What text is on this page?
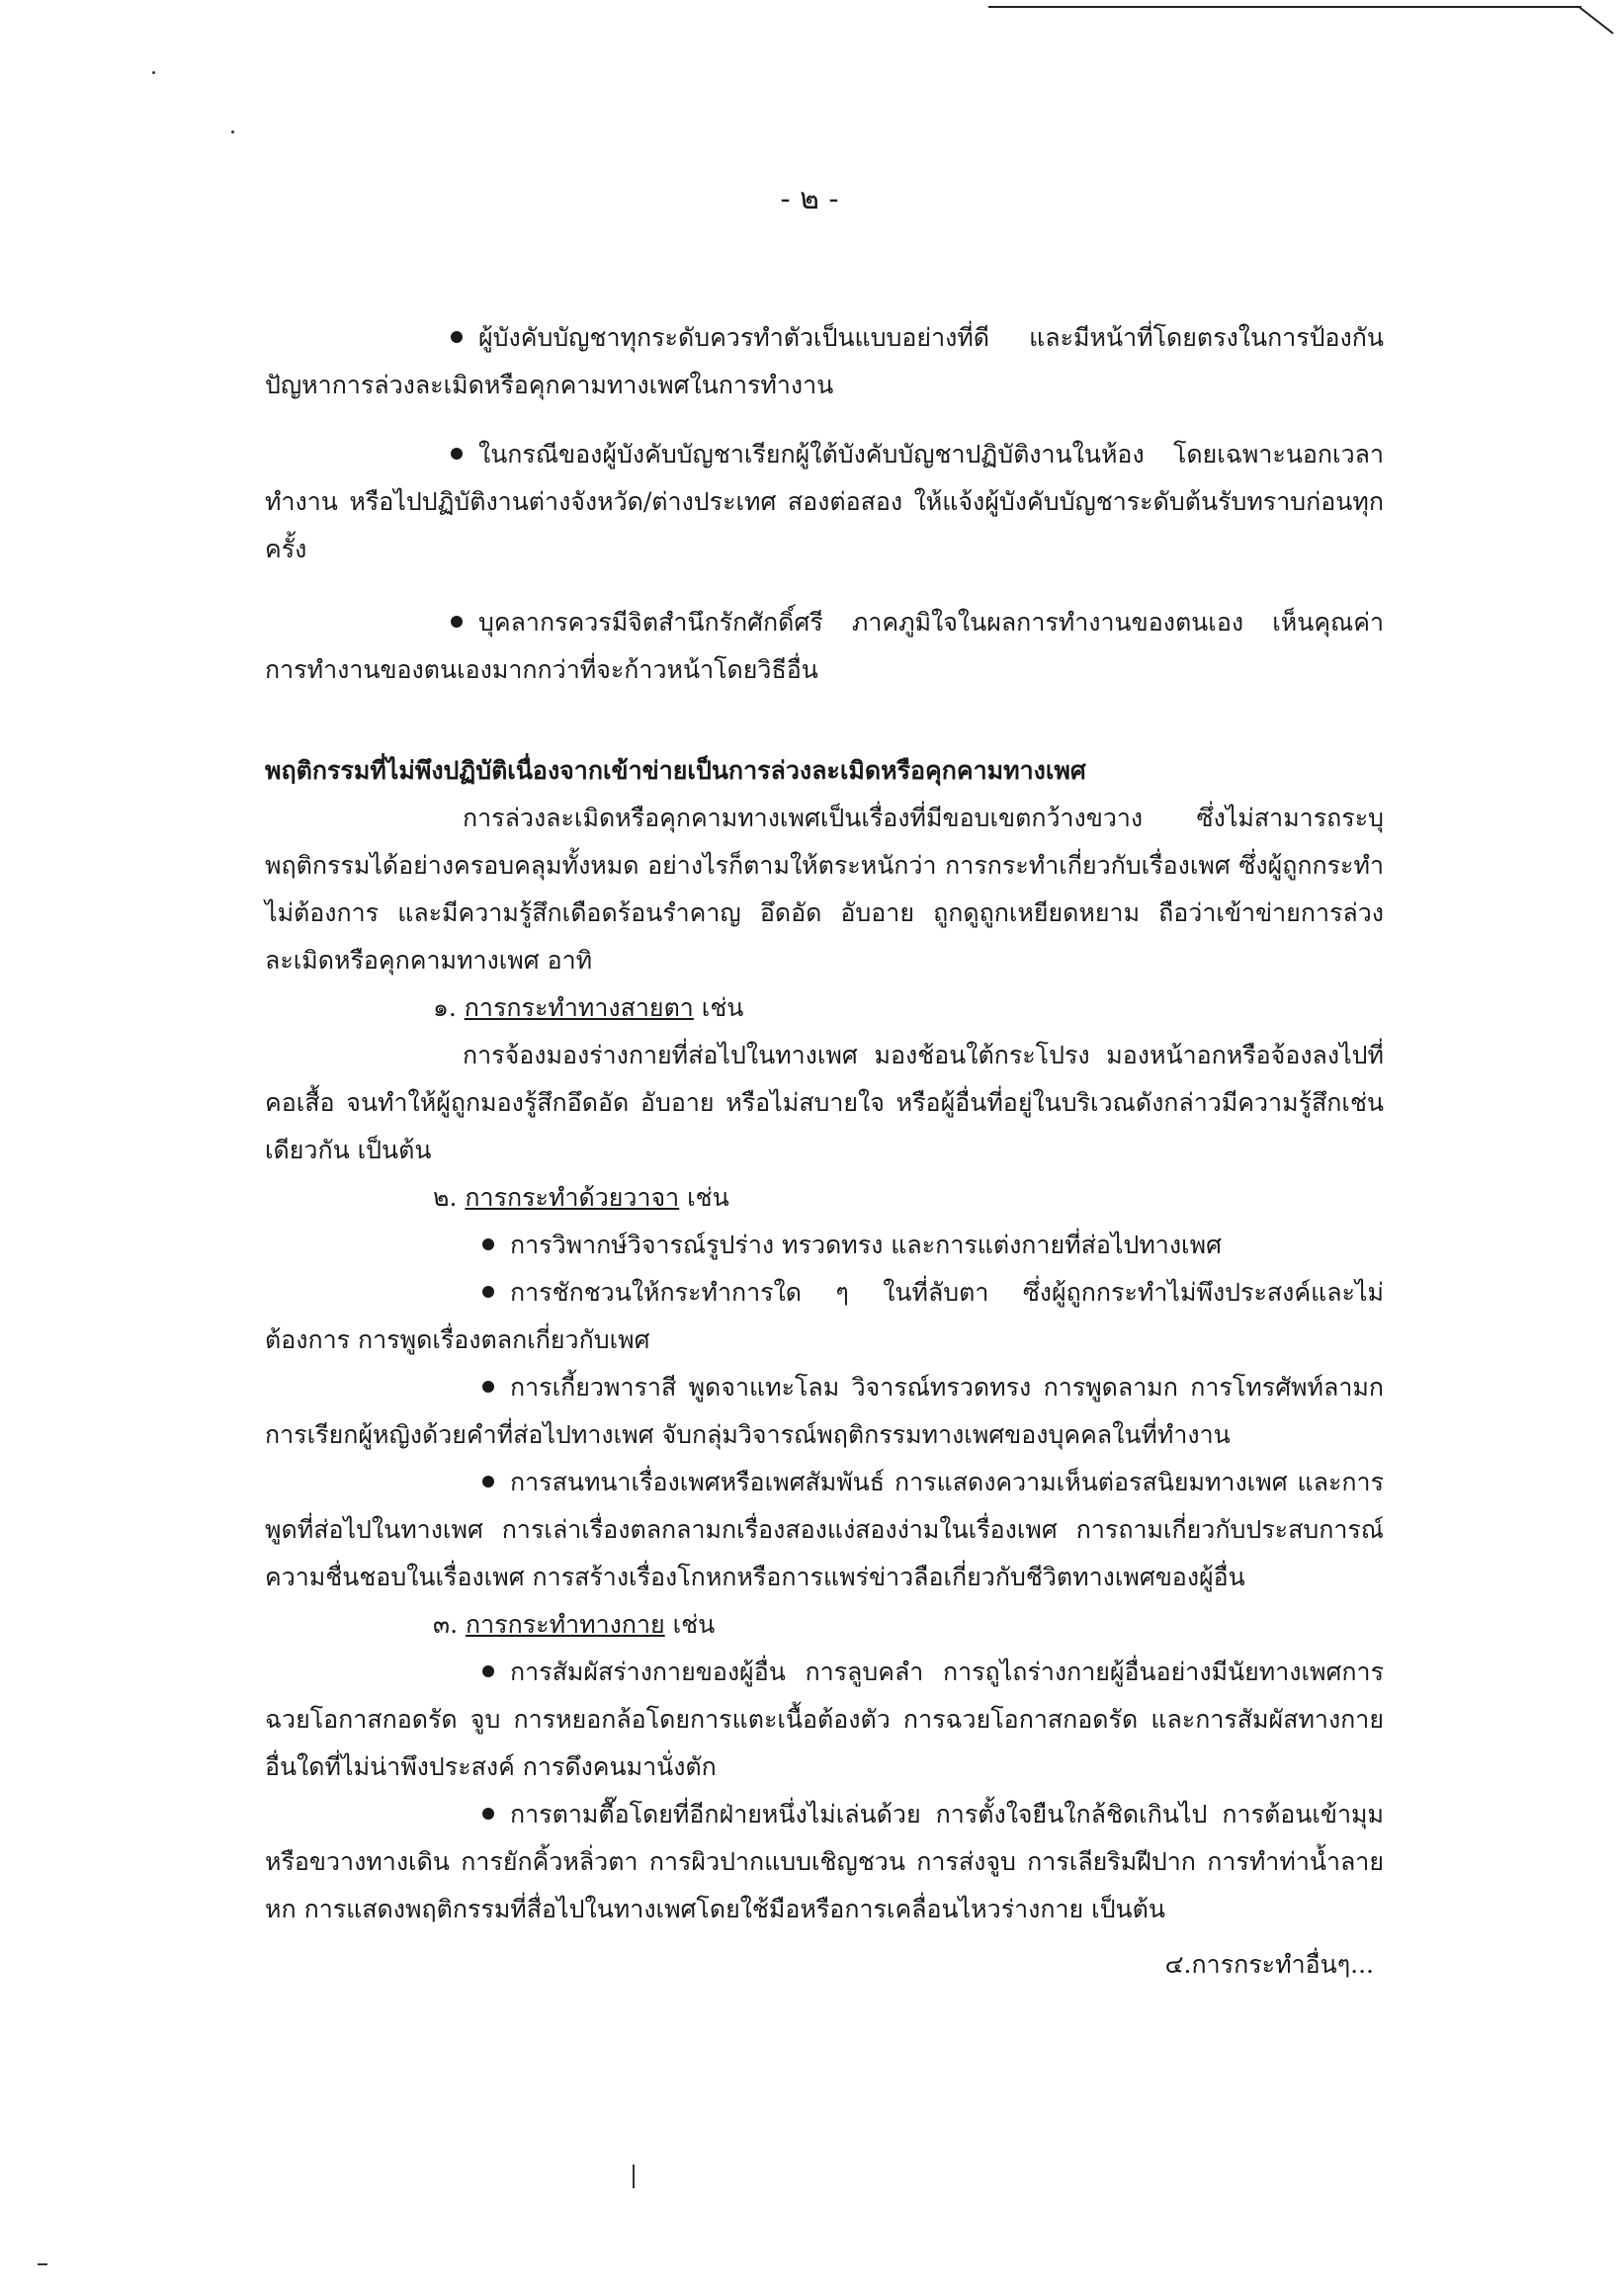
- ๒ -

ผู้บังคับบัญชาทุกระดับควรทำตัวเป็นแบบอย่างที่ดี และมีหน้าที่โดยตรงในการป้องกันปัญหาการล่วงละเมิดหรือคุกคามทางเพศในการทำงาน

ในกรณีของผู้บังคับบัญชาเรียกผู้ใต้บังคับบัญชาปฏิบัติงานในห้อง โดยเฉพาะนอกเวลาทำงาน หรือไปปฏิบัติงานต่างจังหวัด/ต่างประเทศ สองต่อสอง ให้แจ้งผู้บังคับบัญชาระดับต้นรับทราบก่อนทุกครั้ง

บุคลากรควรมีจิตสำนึกรักศักดิ์ศรี ภาคภูมิใจในผลการทำงานของตนเอง เห็นคุณค่าการทำงานของตนเองมากกว่าที่จะก้าวหน้าโดยวิธีอื่น

พฤติกรรมที่ไม่พึงปฏิบัติเนื่องจากเข้าข่ายเป็นการล่วงละเมิดหรือคุกคามทางเพศ

การล่วงละเมิดหรือคุกคามทางเพศเป็นเรื่องที่มีขอบเขตกว้างขวาง ซึ่งไม่สามารถระบุพฤติกรรมได้อย่างครอบคลุมทั้งหมด อย่างไรก็ตามให้ตระหนักว่า การกระทำเกี่ยวกับเรื่องเพศ ซึ่งผู้ถูกกระทำไม่ต้องการ และมีความรู้สึกเดือดร้อนรำคาญ อึดอัด อับอาย ถูกดูถูกเหยียดหยาม ถือว่าเข้าข่ายการล่วงละเมิดหรือคุกคามทางเพศ อาทิ

๑. การกระทำทางสายตา เช่น

การจ้องมองร่างกายที่ส่อไปในทางเพศ มองช้อนใต้กระโปรง มองหน้าอกหรือจ้องลงไปที่คอเสื้อ จนทำให้ผู้ถูกมองรู้สึกอึดอัด อับอาย หรือไม่สบายใจ หรือผู้อื่นที่อยู่ในบริเวณดังกล่าวมีความรู้สึกเช่นเดียวกัน เป็นต้น

๒. การกระทำด้วยวาจา เช่น

การวิพากษ์วิจารณ์รูปร่าง ทรวดทรง และการแต่งกายที่ส่อไปทางเพศ

การชักชวนให้กระทำการใด ๆ ในที่ลับตา ซึ่งผู้ถูกกระทำไม่พึงประสงค์และไม่ต้องการ การพูดเรื่องตลกเกี่ยวกับเพศ

การเกี้ยวพาราสี พูดจาแทะโลม วิจารณ์ทรวดทรง การพูดลามก การโทรศัพท์ลามกการเรียกผู้หญิงด้วยคำที่ส่อไปทางเพศ จับกลุ่มวิจารณ์พฤติกรรมทางเพศของบุคคลในที่ทำงาน

การสนทนาเรื่องเพศหรือเพศสัมพันธ์ การแสดงความเห็นต่อรสนิยมทางเพศ และการพูดที่ส่อไปในทางเพศ การเล่าเรื่องตลกลามกเรื่องสองแง่สองง่ามในเรื่องเพศ การถามเกี่ยวกับประสบการณ์ ความชื่นชอบในเรื่องเพศ การสร้างเรื่องโกหกหรือการแพร่ข่าวลือเกี่ยวกับชีวิตทางเพศของผู้อื่น

๓. การกระทำทางกาย เช่น

การสัมผัสร่างกายของผู้อื่น การลูบคลำ การถูไถร่างกายผู้อื่นอย่างมีนัยทางเพศการฉวยโอกาสกอดรัด จูบ การหยอกล้อโดยการแตะเนื้อต้องตัว การฉวยโอกาสกอดรัด และการสัมผัสทางกายอื่นใดที่ไม่น่าพึงประสงค์ การดึงคนมานั่งตัก

การตามตื๊อโดยที่อีกฝ่ายหนึ่งไม่เล่นด้วย การตั้งใจยืนใกล้ชิดเกินไป การต้อนเข้ามุมหรือขวางทางเดิน การยักคิ้วหลิ่วตา การผิวปากแบบเชิญชวน การส่งจูบ การเลียริมฝีปาก การทำท่าน้ำลายหก การแสดงพฤติกรรมที่สื่อไปในทางเพศโดยใช้มือหรือการเคลื่อนไหวร่างกาย เป็นต้น

๔.การกระทำอื่นๆ...
